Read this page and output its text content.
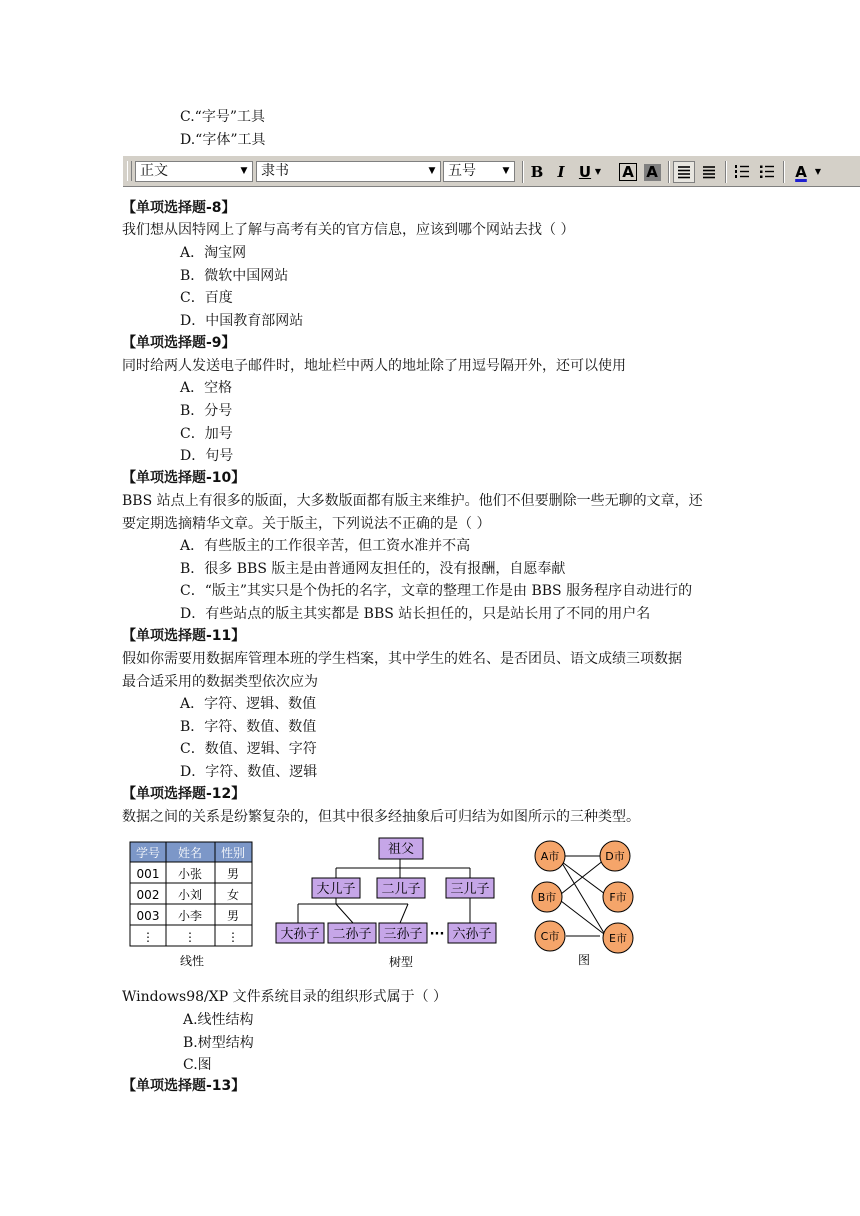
C.“字号”工具
D.“字体”工具
正文	▼ 隶书	▼ 五号	▼	B I U ▼	A A	A	▼
【单项选择题-8】
我们想从因特网上了解与高考有关的官方信息，应该到哪个网站去找（ ）
A．淘宝网
B．微软中国网站
C．百度
D．中国教育部网站
【单项选择题-9】
同时给两人发送电子邮件时，地址栏中两人的地址除了用逗号隔开外，还可以使用
A．空格
B．分号
C．加号
D．句号
【单项选择题-10】
BBS 站点上有很多的版面，大多数版面都有版主来维护。他们不但要删除一些无聊的文章，还
要定期选摘精华文章。关于版主，下列说法不正确的是（ ）
A．有些版主的工作很辛苦，但工资水准并不高
B．很多 BBS 版主是由普通网友担任的，没有报酬，自愿奉献
C．“版主”其实只是个伪托的名字，文章的整理工作是由 BBS 服务程序自动进行的
D．有些站点的版主其实都是 BBS 站长担任的，只是站长用了不同的用户名
【单项选择题-11】
假如你需要用数据库管理本班的学生档案，其中学生的姓名、是否团员、语文成绩三项数据
最合适采用的数据类型依次应为
A．字符、逻辑、数值
B．字符、数值、数值
C．数值、逻辑、字符
D．字符、数值、逻辑
【单项选择题-12】
数据之间的关系是纷繁复杂的，但其中很多经抽象后可归结为如图所示的三种类型。
学号 姓名 性别
001 小张 男
002 小刘 女
003 小李 男
⋮	⋮	⋮
线性
祖父
大儿子 二儿子 三儿子
大孙子 二孙子 三孙子 ··· 六孙子
树型
A市
B市
C市
D市
F市
E市
图
Windows98/XP 文件系统目录的组织形式属于（ ）
A.线性结构
B.树型结构
C.图
【单项选择题-13】
